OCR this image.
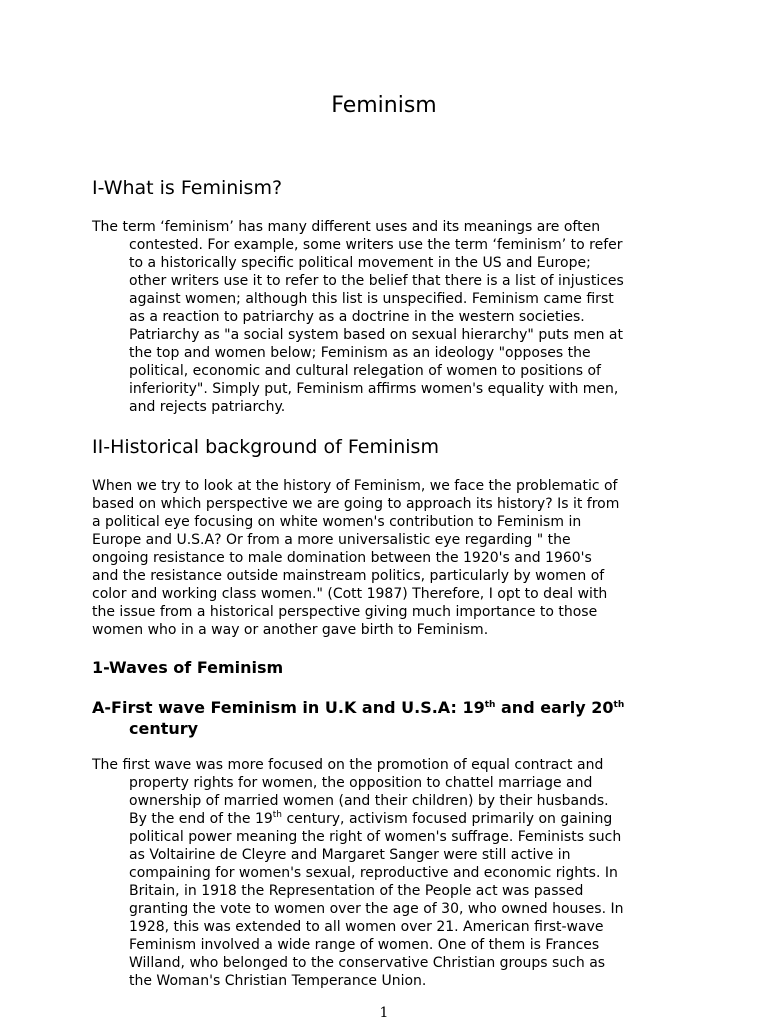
Feminism
I-What is Feminism?

The term ‘feminism’ has many different uses and its meanings are often
contested. For example, some writers use the term ‘feminism’ to refer
to a historically specific political movement in the US and Europe;
other writers use it to refer to the belief that there is a list of injustices
against women; although this list is unspecified. Feminism came first
as a reaction to patriarchy as a doctrine in the western societies.
Patriarchy as "a social system based on sexual hierarchy" puts men at
the top and women below; Feminism as an ideology "opposes the
political, economic and cultural relegation of women to positions of
inferiority". Simply put, Feminism affirms women's equality with men,
and rejects patriarchy.

II-Historical background of Feminism

When we try to look at the history of Feminism, we face the problematic of
based on which perspective we are going to approach its history? Is it from
a political eye focusing on white women's contribution to Feminism in
Europe and U.S.A? Or from a more universalistic eye regarding " the
ongoing resistance to male domination between the 1920's and 1960's
and the resistance outside mainstream politics, particularly by women of
color and working class women." (Cott 1987) Therefore, I opt to deal with
the issue from a historical perspective giving much importance to those
women who in a way or another gave birth to Feminism.

1-Waves of Feminism
A-First wave Feminism in U.K and U.S.A: 19th and early 20th
century

The first wave was more focused on the promotion of equal contract and
property rights for women, the opposition to chattel marriage and
ownership of married women (and their children) by their husbands.
By the end of the 19th century, activism focused primarily on gaining
political power meaning the right of women's suffrage. Feminists such
as Voltairine de Cleyre and Margaret Sanger were still active in
compaining for women's sexual, reproductive and economic rights. In
Britain, in 1918 the Representation of the People act was passed
granting the vote to women over the age of 30, who owned houses. In
1928, this was extended to all women over 21. American first-wave
Feminism involved a wide range of women. One of them is Frances
Willand, who belonged to the conservative Christian groups such as
the Woman's Christian Temperance Union.

1
